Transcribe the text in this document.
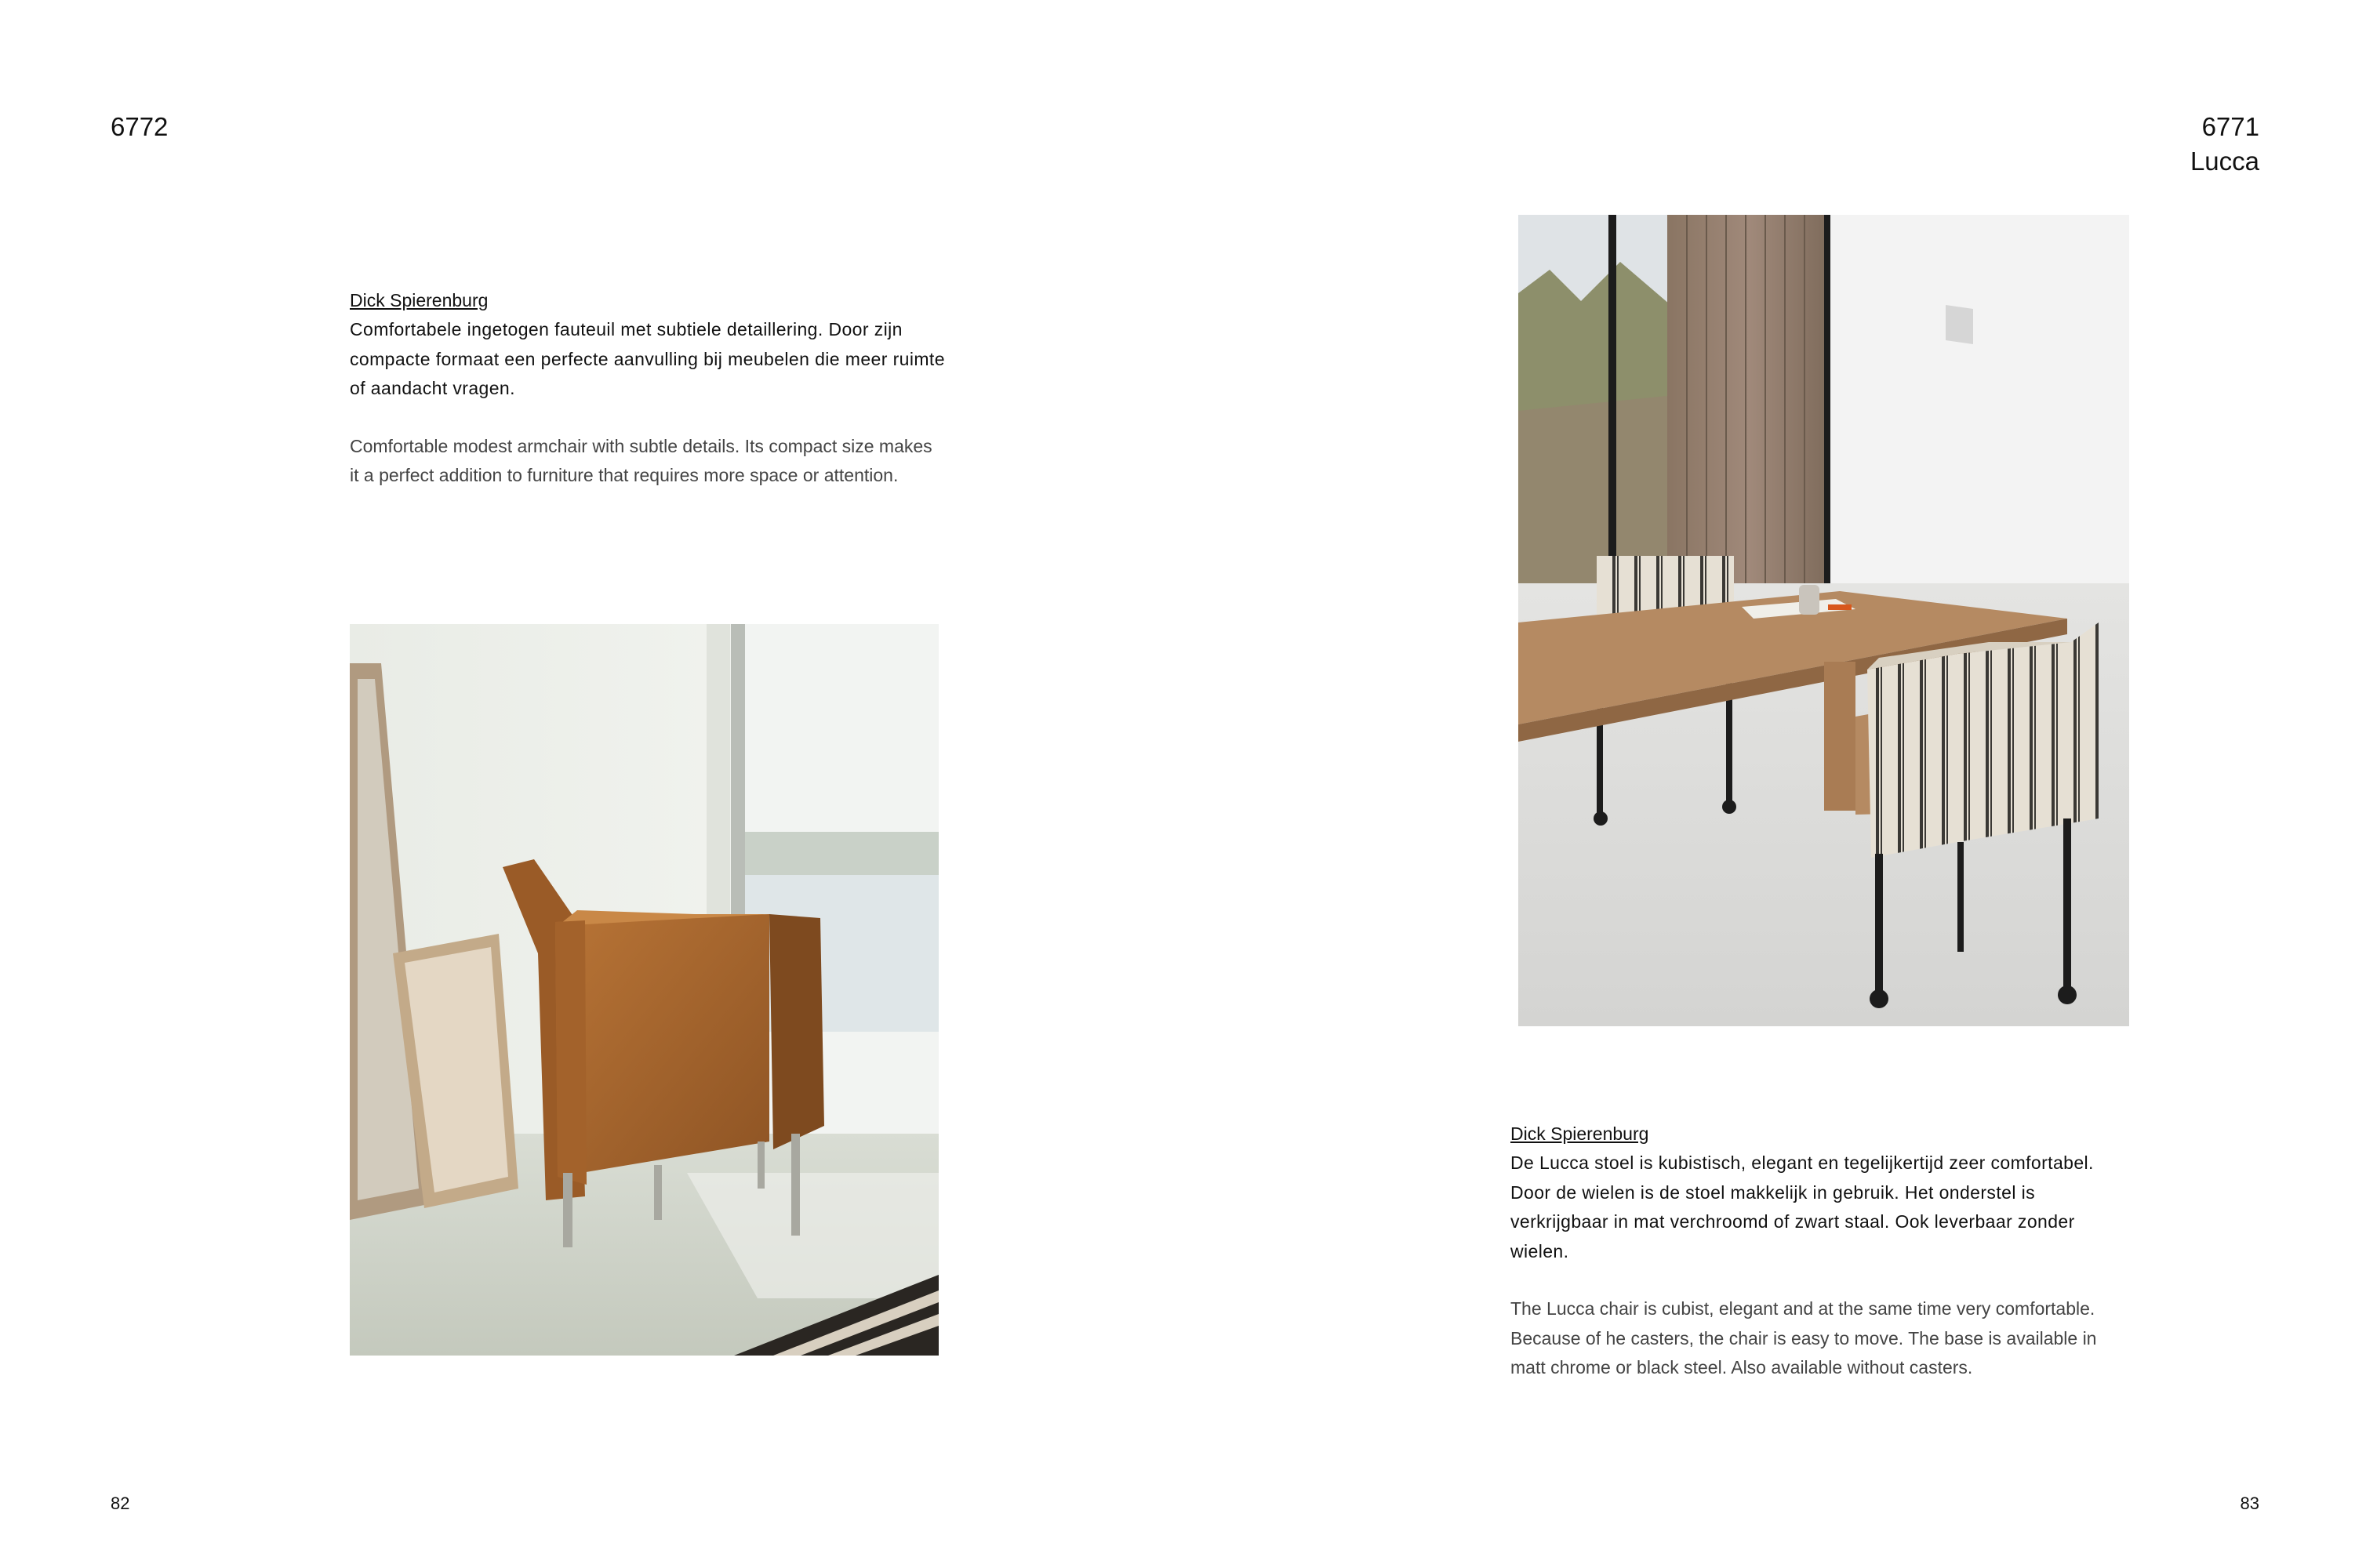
6772
Dick Spierenburg

Comfortabele ingetogen fauteuil met subtiele detaillering. Door zijn compacte formaat een perfecte aanvulling bij meubelen die meer ruimte of aandacht vragen.

Comfortable modest armchair with subtle details. Its compact size makes it a perfect addition to furniture that requires more space or attention.

82
6771
Lucca
Dick Spierenburg

De Lucca stoel is kubistisch, elegant en tegelijkertijd zeer comfortabel. Door de wielen is de stoel makkelijk in gebruik. Het onderstel is verkrijgbaar in mat verchroomd of zwart staal. Ook leverbaar zonder wielen.

The Lucca chair is cubist, elegant and at the same time very comfortable. Because of he casters, the chair is easy to move. The base is available in matt chrome or black steel. Also available without casters.

83
